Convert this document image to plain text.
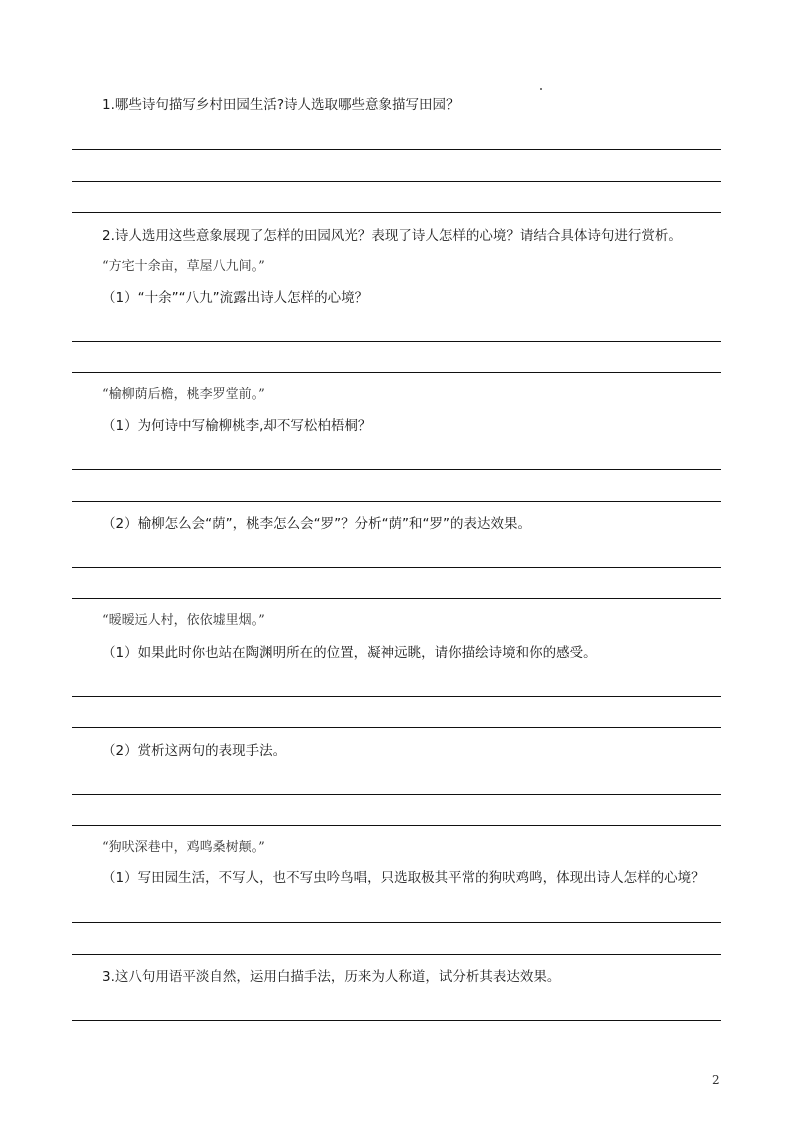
1.哪些诗句描写乡村田园生活?诗人选取哪些意象描写田园？
2.诗人选用这些意象展现了怎样的田园风光？表现了诗人怎样的心境？请结合具体诗句进行赏析。
“方宅十余亩，草屋八九间。”
（1）“十余”“八九”流露出诗人怎样的心境？
“榆柳荫后檐，桃李罗堂前。”
（1）为何诗中写榆柳桃李,却不写松柏梧桐？
（2）榆柳怎么会“荫”，桃李怎么会“罗”？分析“荫”和“罗”的表达效果。
“暧暧远人村，依依墟里烟。”
（1）如果此时你也站在陶渊明所在的位置，凝神远眺，请你描绘诗境和你的感受。
（2）赏析这两句的表现手法。
“狗吠深巷中，鸡鸣桑树颠。”
（1）写田园生活，不写人，也不写虫吟鸟唱，只选取极其平常的狗吠鸡鸣，体现出诗人怎样的心境？
3.这八句用语平淡自然，运用白描手法，历来为人称道，试分析其表达效果。
2
